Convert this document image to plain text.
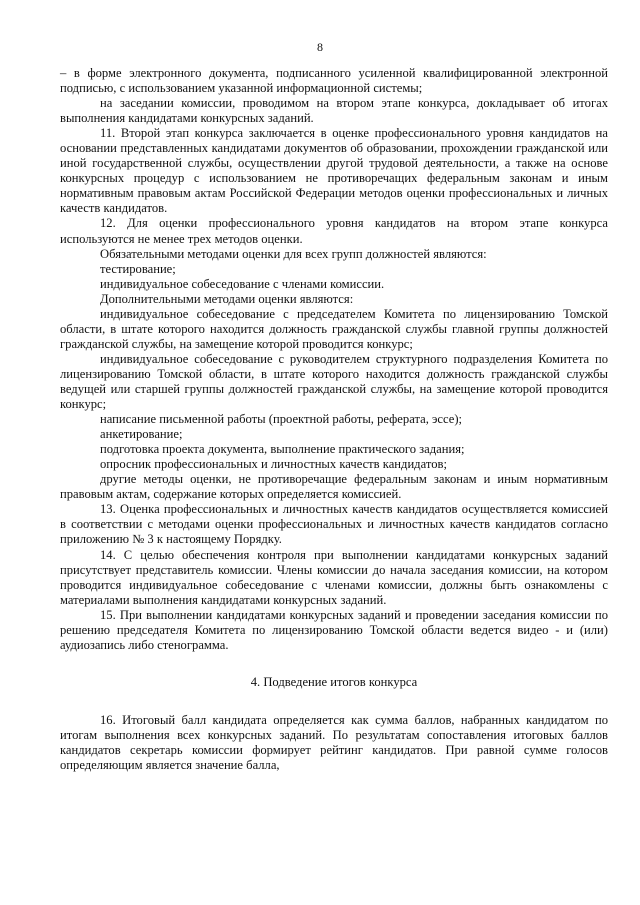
8

– в форме электронного документа, подписанного усиленной квалифицированной электронной подписью, с использованием указанной информационной системы;

на заседании комиссии, проводимом на втором этапе конкурса, докладывает об итогах выполнения кандидатами конкурсных заданий.

11. Второй этап конкурса заключается в оценке профессионального уровня кандидатов на основании представленных кандидатами документов об образовании, прохождении гражданской или иной государственной службы, осуществлении другой трудовой деятельности, а также на основе конкурсных процедур с использованием не противоречащих федеральным законам и иным нормативным правовым актам Российской Федерации методов оценки профессиональных и личных качеств кандидатов.

12. Для оценки профессионального уровня кандидатов на втором этапе конкурса используются не менее трех методов оценки.

Обязательными методами оценки для всех групп должностей являются:

тестирование;

индивидуальное собеседование с членами комиссии.

Дополнительными методами оценки являются:

индивидуальное собеседование с председателем Комитета по лицензированию Томской области, в штате которого находится должность гражданской службы главной группы должностей гражданской службы, на замещение которой проводится конкурс;

индивидуальное собеседование с руководителем структурного подразделения Комитета по лицензированию Томской области, в штате которого находится должность гражданской службы ведущей или старшей группы должностей гражданской службы, на замещение которой проводится конкурс;

написание письменной работы (проектной работы, реферата, эссе);

анкетирование;

подготовка проекта документа, выполнение практического задания;

опросник профессиональных и личностных качеств кандидатов;

другие методы оценки, не противоречащие федеральным законам и иным нормативным правовым актам, содержание которых определяется комиссией.

13. Оценка профессиональных и личностных качеств кандидатов осуществляется комиссией в соответствии с методами оценки профессиональных и личностных качеств кандидатов согласно приложению № 3 к настоящему Порядку.

14. С целью обеспечения контроля при выполнении кандидатами конкурсных заданий присутствует представитель комиссии. Члены комиссии до начала заседания комиссии, на котором проводится индивидуальное собеседование с членами комиссии, должны быть ознакомлены с материалами выполнения кандидатами конкурсных заданий.

15. При выполнении кандидатами конкурсных заданий и проведении заседания комиссии по решению председателя Комитета по лицензированию Томской области ведется видео - и (или) аудиозапись либо стенограмма.

4. Подведение итогов конкурса

16. Итоговый балл кандидата определяется как сумма баллов, набранных кандидатом по итогам выполнения всех конкурсных заданий. По результатам сопоставления итоговых баллов кандидатов секретарь комиссии формирует рейтинг кандидатов. При равной сумме голосов определяющим является значение балла,
